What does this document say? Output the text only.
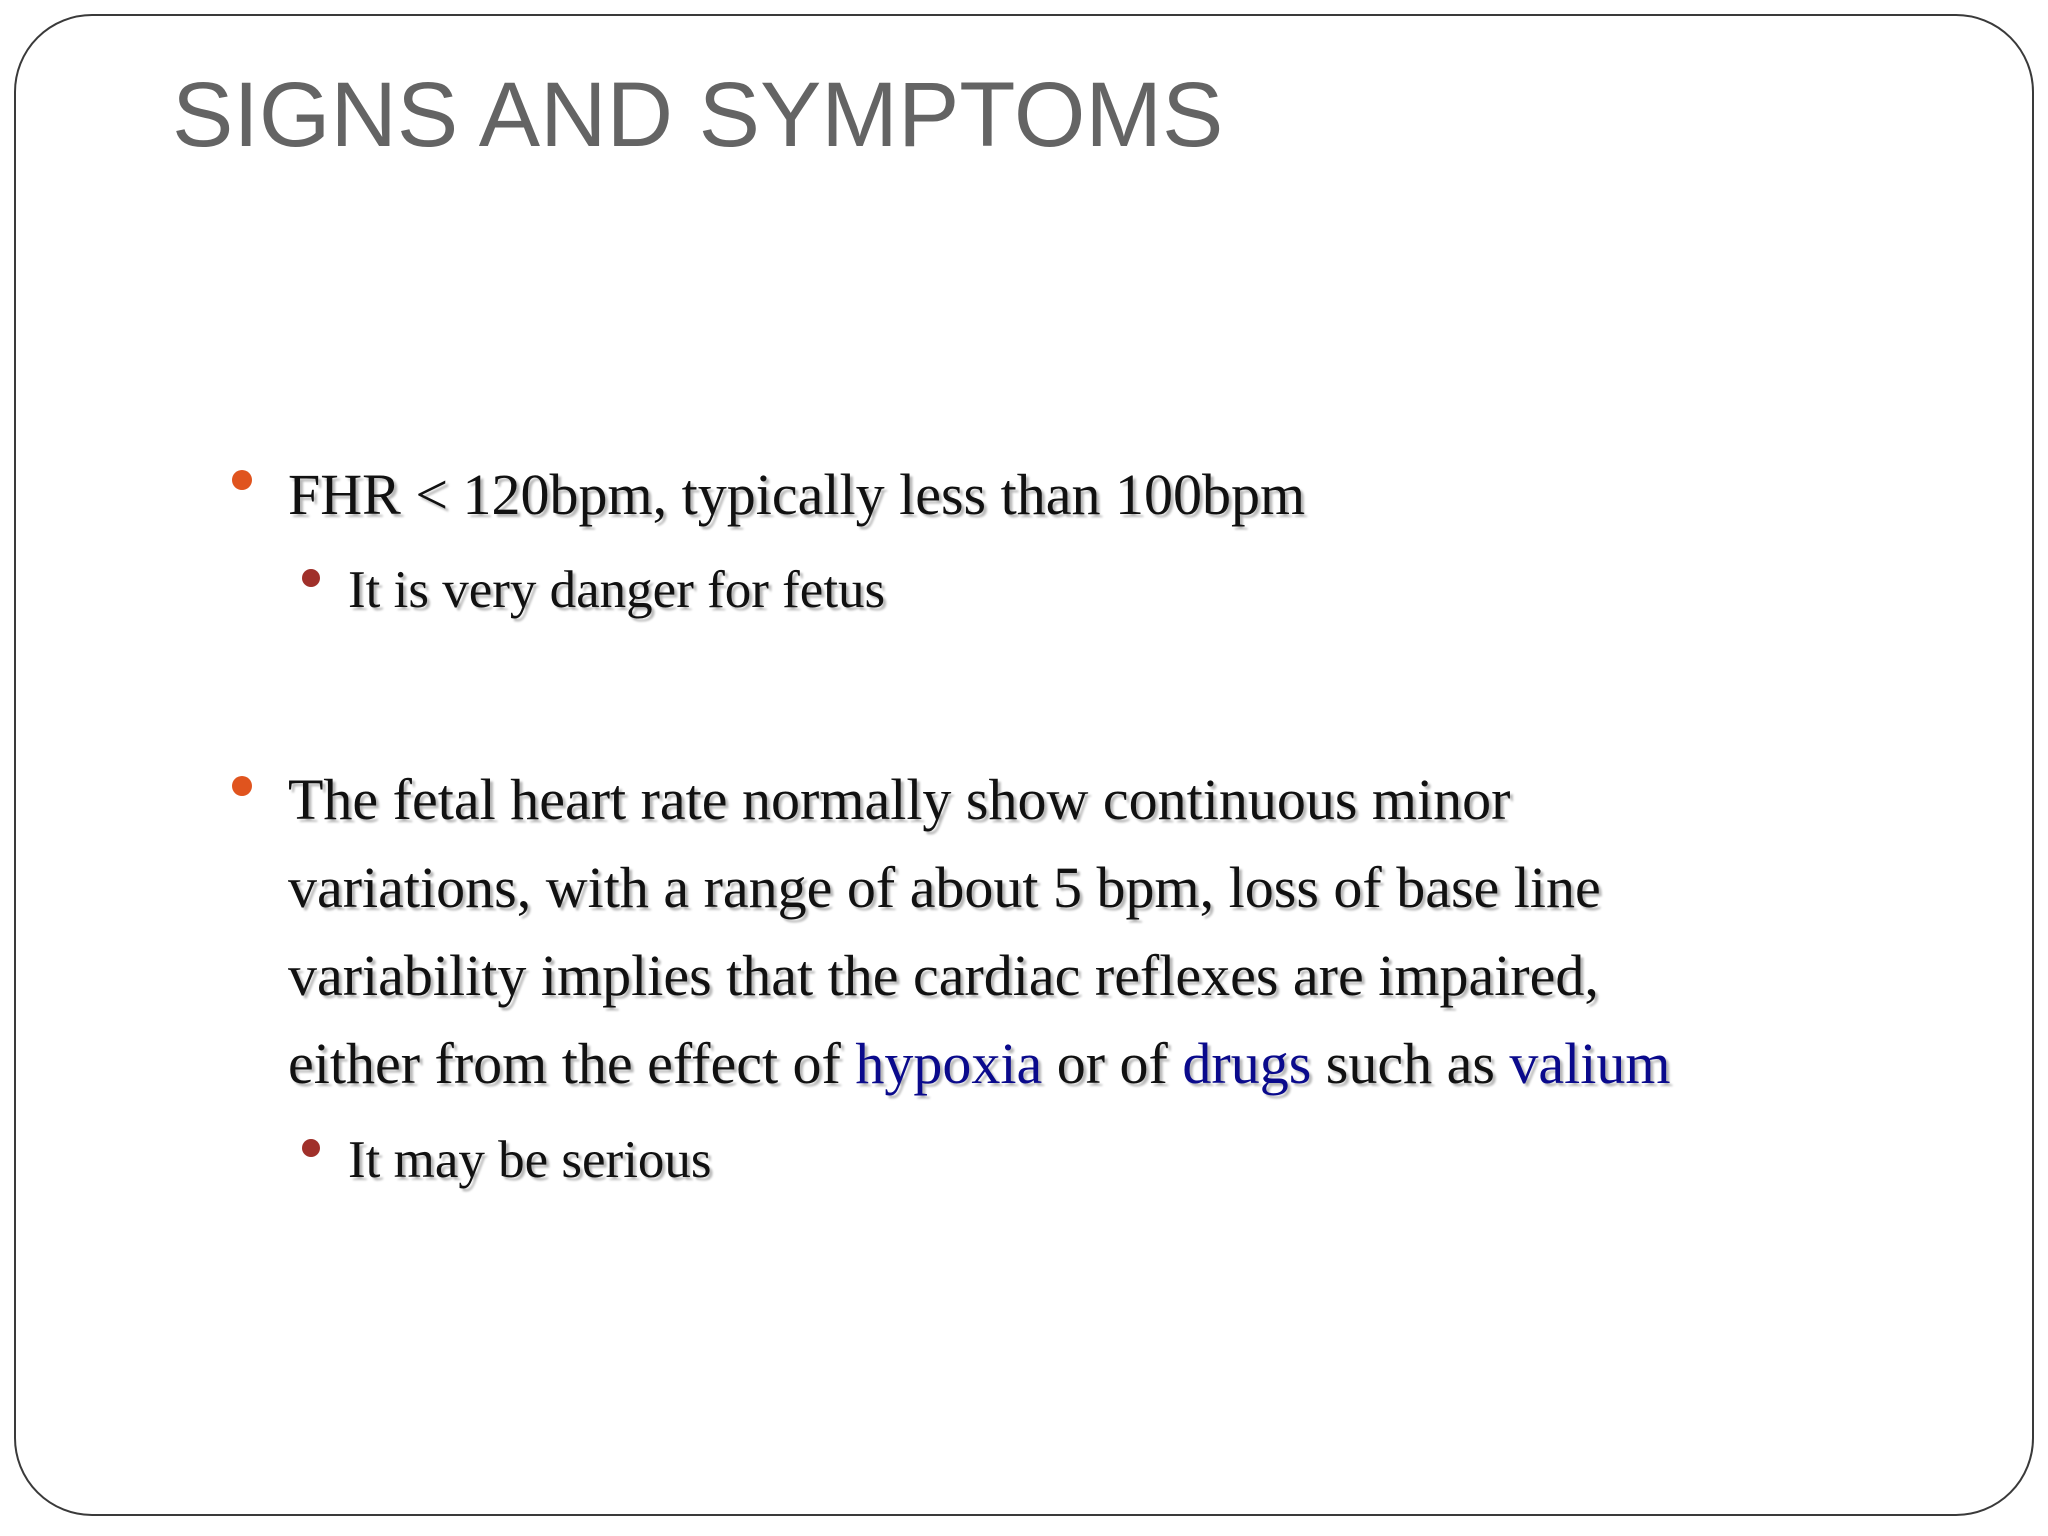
SIGNS AND SYMPTOMS
FHR < 120bpm, typically less than 100bpm
It is very danger for fetus
The fetal heart rate normally show continuous minor
variations, with a range of about 5 bpm, loss of base line
variability implies that the cardiac reflexes are impaired,
either from the effect of hypoxia or of drugs such as valium
It may be serious
